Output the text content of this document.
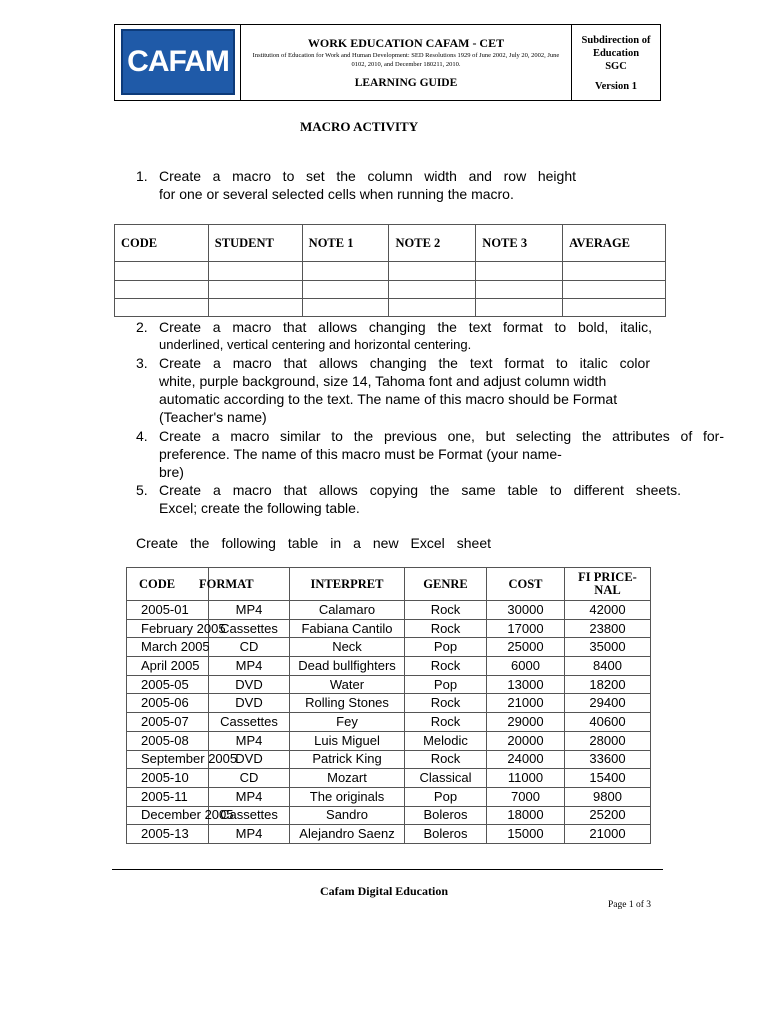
CAFAM
WORK EDUCATION CAFAM - CET
Institution of Education for Work and Human Development: SED Resolutions 1929 of June 2002, July 20, 2002, June 0102, 2010, and December 180211, 2010.
LEARNING GUIDE
Subdirection of
Education
SGC
Version 1
MACRO ACTIVITY
1. Create a macro to set the column width and row height
for one or several selected cells when running the macro.
CODE	STUDENT	NOTE 1	NOTE 2	NOTE 3	AVERAGE

2. Create a macro that allows changing the text format to bold, italic,
underlined, vertical centering and horizontal centering.
3. Create a macro that allows changing the text format to italic color
white, purple background, size 14, Tahoma font and adjust column width
automatic according to the text. The name of this macro should be Format
(Teacher's name)
4. Create a macro similar to the previous one, but selecting the attributes of for-
preference. The name of this macro must be Format (your name-
bre)
5. Create a macro that allows copying the same table to different sheets.
Excel; create the following table.
Create the following table in a new Excel sheet
CODE	FORMAT	INTERPRET	GENRE	COST	FI PRICE-
NAL

2005-01	MP4	Calamaro	Rock	30000	42000
February 2005	Cassettes	Fabiana Cantilo	Rock	17000	23800
March 2005	CD	Neck	Pop	25000	35000
April 2005	MP4	Dead bullfighters	Rock	6000	8400
2005-05	DVD	Water	Pop	13000	18200
2005-06	DVD	Rolling Stones	Rock	21000	29400
2005-07	Cassettes	Fey	Rock	29000	40600
2005-08	MP4	Luis Miguel	Melodic	20000	28000
September 2005	DVD	Patrick King	Rock	24000	33600
2005-10	CD	Mozart	Classical	11000	15400
2005-11	MP4	The originals	Pop	7000	9800
December 2005	Cassettes	Sandro	Boleros	18000	25200
2005-13	MP4	Alejandro Saenz	Boleros	15000	21000
Cafam Digital Education
Page 1 of 3
